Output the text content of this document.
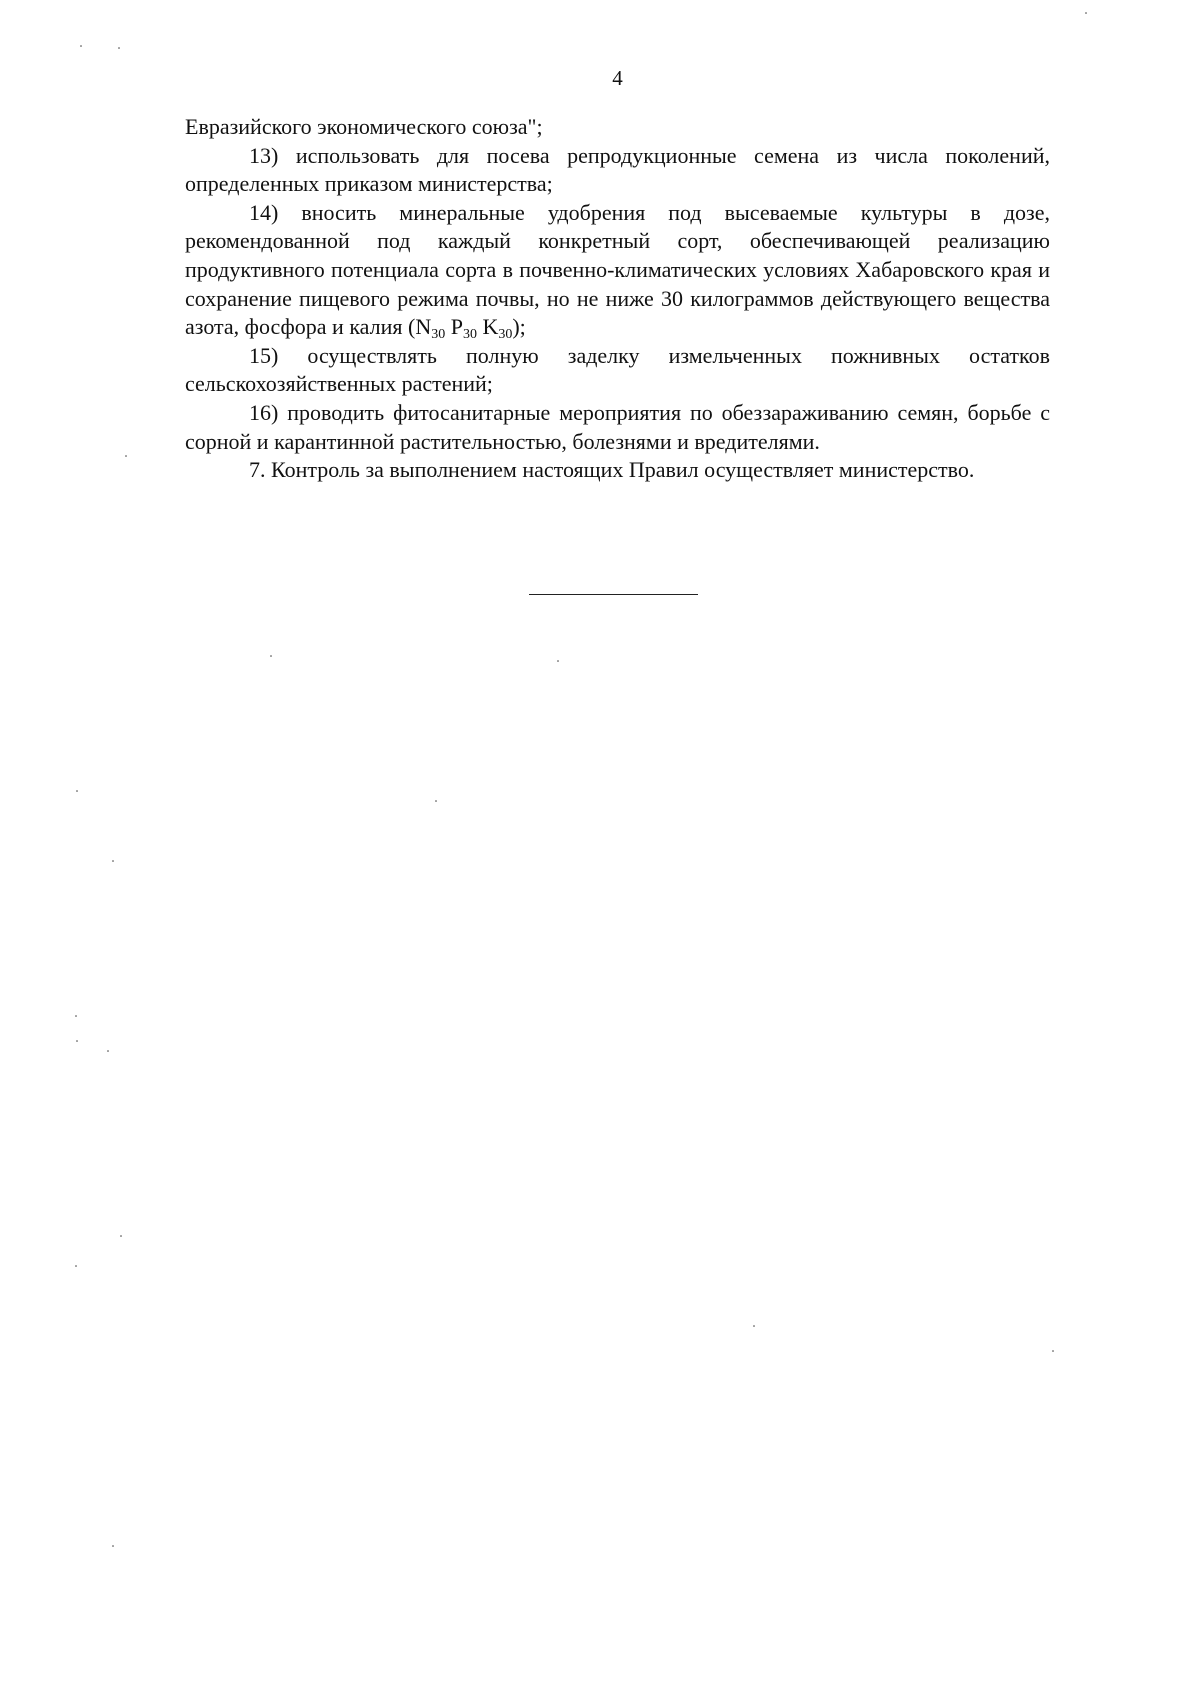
4

Евразийского экономического союза";

13) использовать для посева репродукционные семена из числа поколений, определенных приказом министерства;

14) вносить минеральные удобрения под высеваемые культуры в дозе, рекомендованной под каждый конкретный сорт, обеспечивающей реализацию продуктивного потенциала сорта в почвенно-климатических условиях Хабаровского края и сохранение пищевого режима почвы, но не ниже 30 килограммов действующего вещества азота, фосфора и калия ($N_{30}$ $P_{30}$ $K_{30}$);

15) осуществлять полную заделку измельченных пожнивных остатков сельскохозяйственных растений;

16) проводить фитосанитарные мероприятия по обеззараживанию семян, борьбе с сорной и карантинной растительностью, болезнями и вредителями.

7. Контроль за выполнением настоящих Правил осуществляет министерство.
